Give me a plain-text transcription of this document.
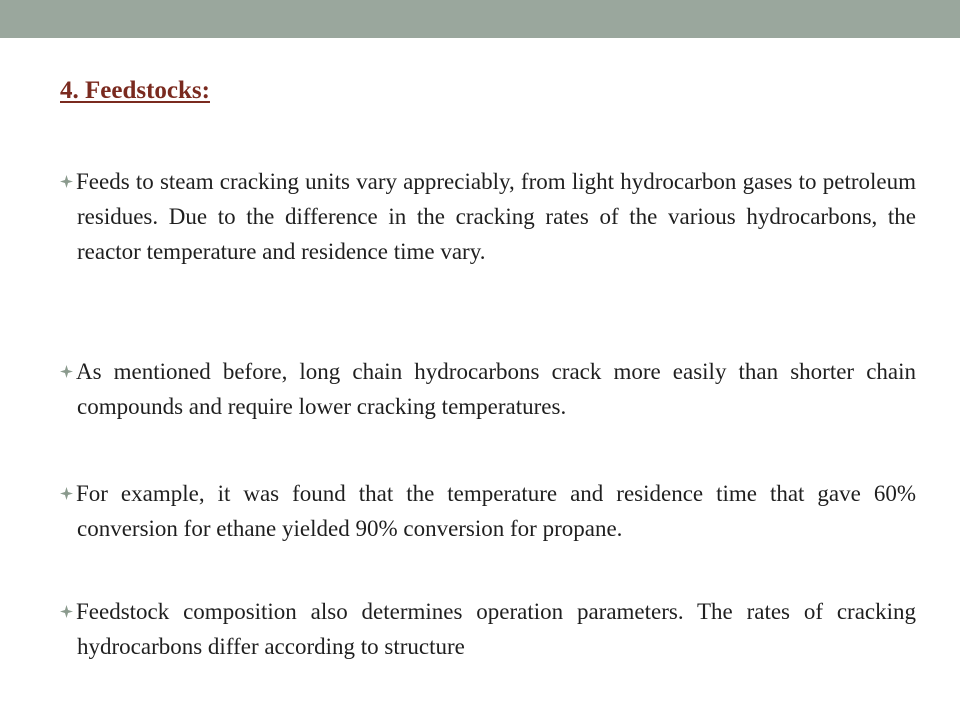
4. Feedstocks:
Feeds to steam cracking units vary appreciably, from light hydrocarbon gases to petroleum residues. Due to the difference in the cracking rates of the various hydrocarbons, the reactor temperature and residence time vary.
As mentioned before, long chain hydrocarbons crack more easily than shorter chain compounds and require lower cracking temperatures.
For example, it was found that the temperature and residence time that gave 60% conversion for ethane yielded 90% conversion for propane.
Feedstock composition also determines operation parameters. The rates of cracking hydrocarbons differ according to structure
